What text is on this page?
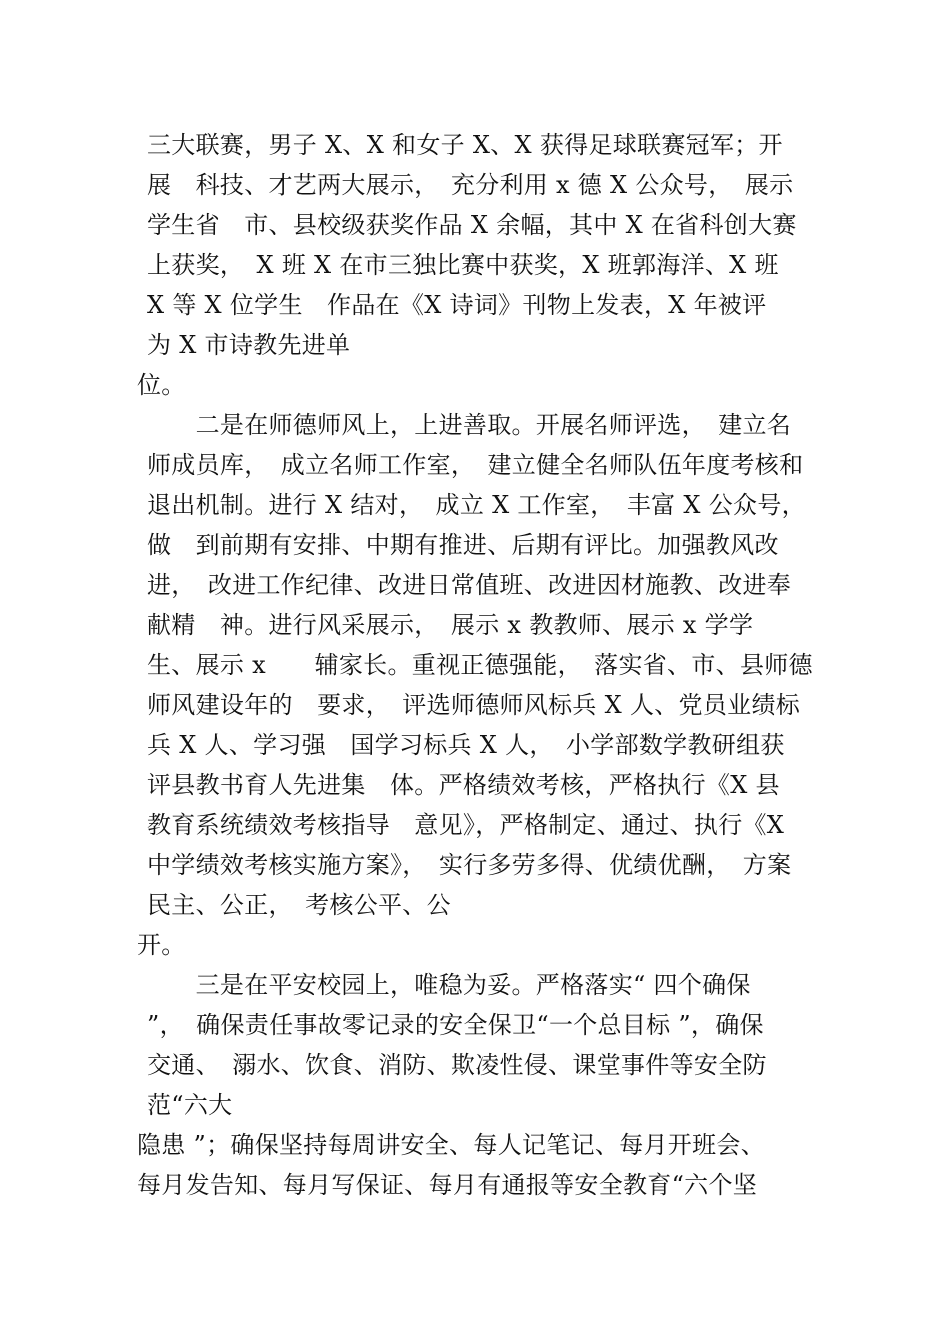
三大联赛，男子 X、X 和女子 X、X 获得足球联赛冠军；开
展　科技、才艺两大展示，　充分利用 x 德 X 公众号，　展示
学生省　市、县校级获奖作品 X 余幅，其中 X 在省科创大赛
上获奖，　X 班 X 在市三独比赛中获奖，X 班郭海洋、X 班
X 等 X 位学生　作品在《X 诗词》刊物上发表，X 年被评
为 X 市诗教先进单
位。
　　二是在师德师风上，上进善取。开展名师评选，　建立名
师成员库，　成立名师工作室，　建立健全名师队伍年度考核和
退出机制。进行 X 结对，　成立 X 工作室，　丰富 X 公众号，
做　到前期有安排、中期有推进、后期有评比。加强教风改
进，　改进工作纪律、改进日常值班、改进因材施教、改进奉
献精　神。进行风采展示，　展示 x 教教师、展示 x 学学
生、展示 x　　辅家长。重视正德强能，　落实省、市、县师德
师风建设年的　要求，　评选师德师风标兵 X 人、党员业绩标
兵 X 人、学习强　国学习标兵 X 人，　小学部数学教研组获
评县教书育人先进集　体。严格绩效考核，严格执行《X 县
教育系统绩效考核指导　意见》，严格制定、通过、执行《X
中学绩效考核实施方案》，　实行多劳多得、优绩优酬，　方案
民主、公正，　考核公平、公
开。
　　三是在平安校园上，唯稳为妥。严格落实“ 四个确保
”，　确保责任事故零记录的安全保卫“一个总目标 ”，确保
交通、　溺水、饮食、消防、欺凌性侵、课堂事件等安全防
范“六大
隐患 ”；确保坚持每周讲安全、每人记笔记、每月开班会、
每月发告知、每月写保证、每月有通报等安全教育“六个坚
